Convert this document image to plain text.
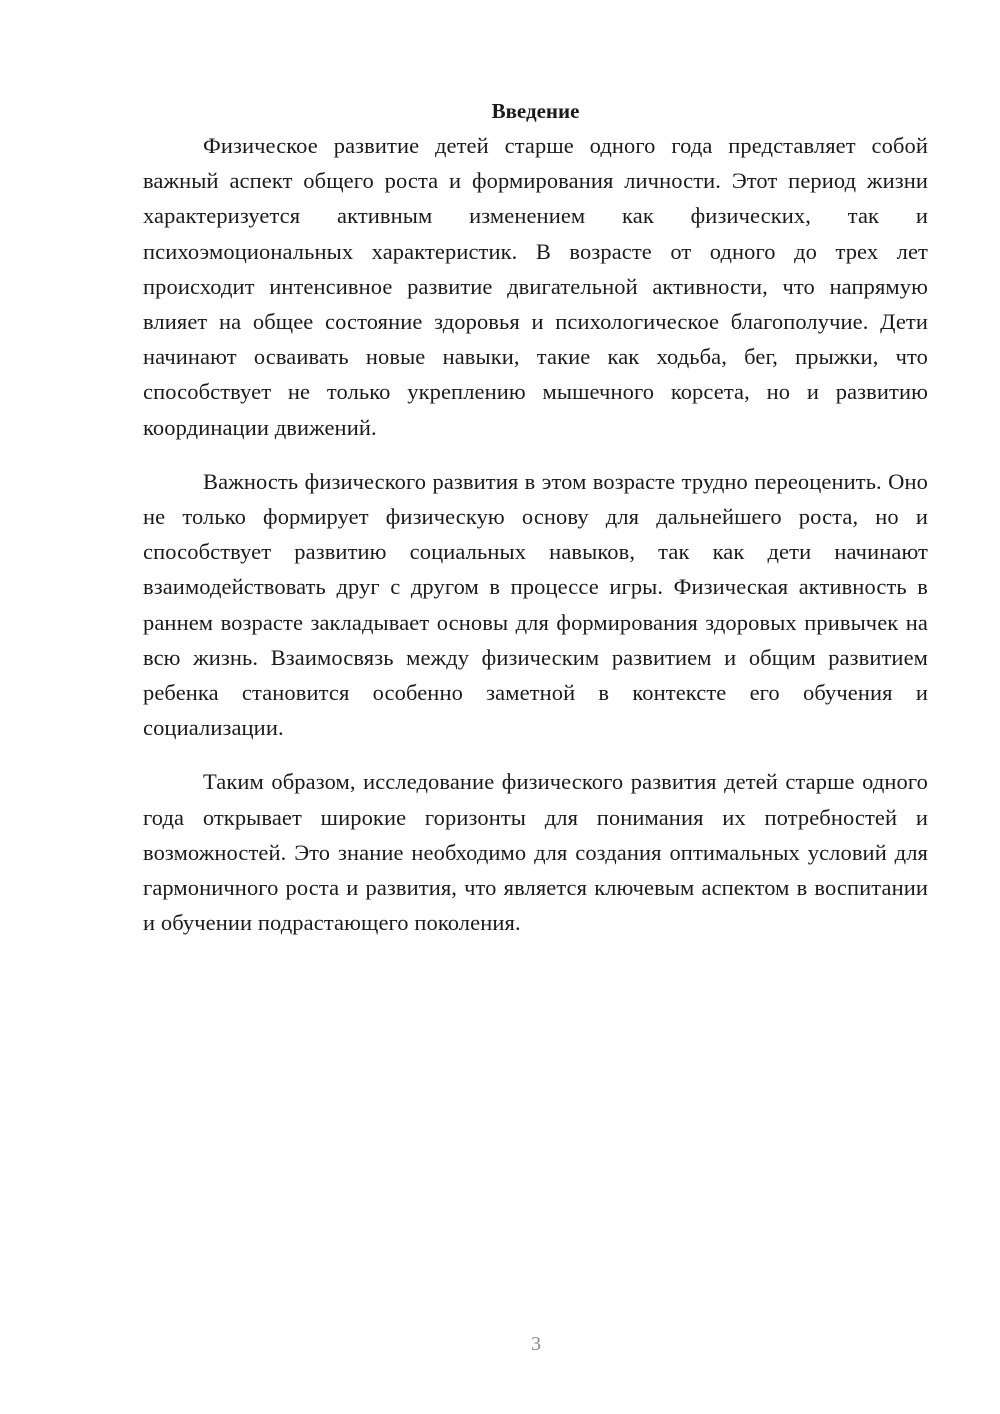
Введение

Физическое развитие детей старше одного года представляет собой важный аспект общего роста и формирования личности. Этот период жизни характеризуется активным изменением как физических, так и психоэмоциональных характеристик. В возрасте от одного до трех лет происходит интенсивное развитие двигательной активности, что напрямую влияет на общее состояние здоровья и психологическое благополучие. Дети начинают осваивать новые навыки, такие как ходьба, бег, прыжки, что способствует не только укреплению мышечного корсета, но и развитию координации движений.

Важность физического развития в этом возрасте трудно переоценить. Оно не только формирует физическую основу для дальнейшего роста, но и способствует развитию социальных навыков, так как дети начинают взаимодействовать друг с другом в процессе игры. Физическая активность в раннем возрасте закладывает основы для формирования здоровых привычек на всю жизнь. Взаимосвязь между физическим развитием и общим развитием ребенка становится особенно заметной в контексте его обучения и социализации.

Таким образом, исследование физического развития детей старше одного года открывает широкие горизонты для понимания их потребностей и возможностей. Это знание необходимо для создания оптимальных условий для гармоничного роста и развития, что является ключевым аспектом в воспитании и обучении подрастающего поколения.

3
